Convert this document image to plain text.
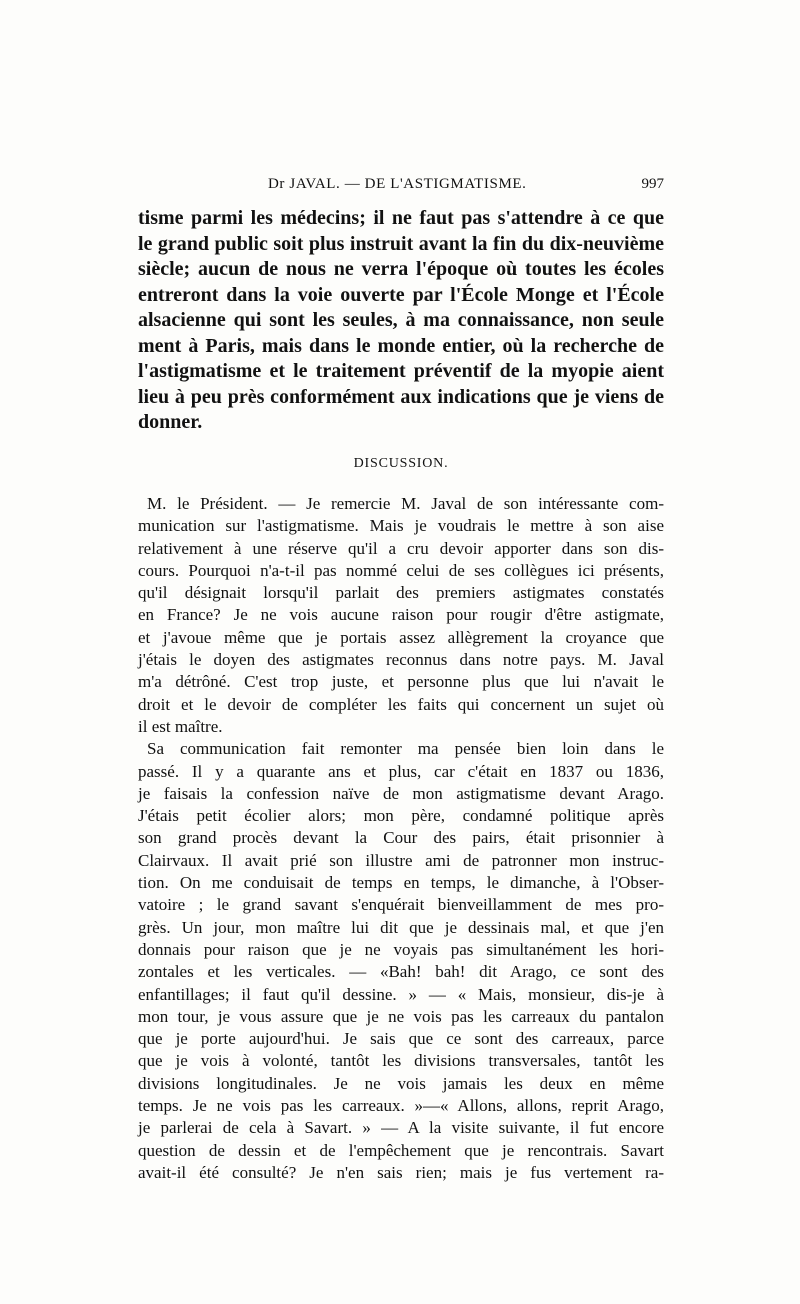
Dr JAVAL. — DE L'ASTIGMATISME.	997
tisme parmi les médecins; il ne faut pas s'attendre à ce que
le grand public soit plus instruit avant la fin du dix-neuvième
siècle; aucun de nous ne verra l'époque où toutes les écoles
entreront dans la voie ouverte par l'École Monge et l'École
alsacienne qui sont les seules, à ma connaissance, non seule
ment à Paris, mais dans le monde entier, où la recherche de
l'astigmatisme et le traitement préventif de la myopie aient
lieu à peu près conformément aux indications que je viens de
donner.
DISCUSSION.
M. le Président. — Je remercie M. Javal de son intéressante com-
munication sur l'astigmatisme. Mais je voudrais le mettre à son aise
relativement à une réserve qu'il a cru devoir apporter dans son dis-
cours. Pourquoi n'a-t-il pas nommé celui de ses collègues ici présents,
qu'il désignait lorsqu'il parlait des premiers astigmates constatés
en France? Je ne vois aucune raison pour rougir d'être astigmate,
et j'avoue même que je portais assez allègrement la croyance que
j'étais le doyen des astigmates reconnus dans notre pays. M. Javal
m'a détrôné. C'est trop juste, et personne plus que lui n'avait le
droit et le devoir de compléter les faits qui concernent un sujet où
il est maître.
Sa communication fait remonter ma pensée bien loin dans le
passé. Il y a quarante ans et plus, car c'était en 1837 ou 1836,
je faisais la confession naïve de mon astigmatisme devant Arago.
J'étais petit écolier alors; mon père, condamné politique après
son grand procès devant la Cour des pairs, était prisonnier à
Clairvaux. Il avait prié son illustre ami de patronner mon instruc-
tion. On me conduisait de temps en temps, le dimanche, à l'Obser-
vatoire ; le grand savant s'enquérait bienveillamment de mes pro-
grès. Un jour, mon maître lui dit que je dessinais mal, et que j'en
donnais pour raison que je ne voyais pas simultanément les hori-
zontales et les verticales. — «Bah! bah! dit Arago, ce sont des
enfantillages; il faut qu'il dessine. » — « Mais, monsieur, dis-je à
mon tour, je vous assure que je ne vois pas les carreaux du pantalon
que je porte aujourd'hui. Je sais que ce sont des carreaux, parce
que je vois à volonté, tantôt les divisions transversales, tantôt les
divisions longitudinales. Je ne vois jamais les deux en même
temps. Je ne vois pas les carreaux. »—« Allons, allons, reprit Arago,
je parlerai de cela à Savart. » — A la visite suivante, il fut encore
question de dessin et de l'empêchement que je rencontrais. Savart
avait-il été consulté? Je n'en sais rien; mais je fus vertement ra-
